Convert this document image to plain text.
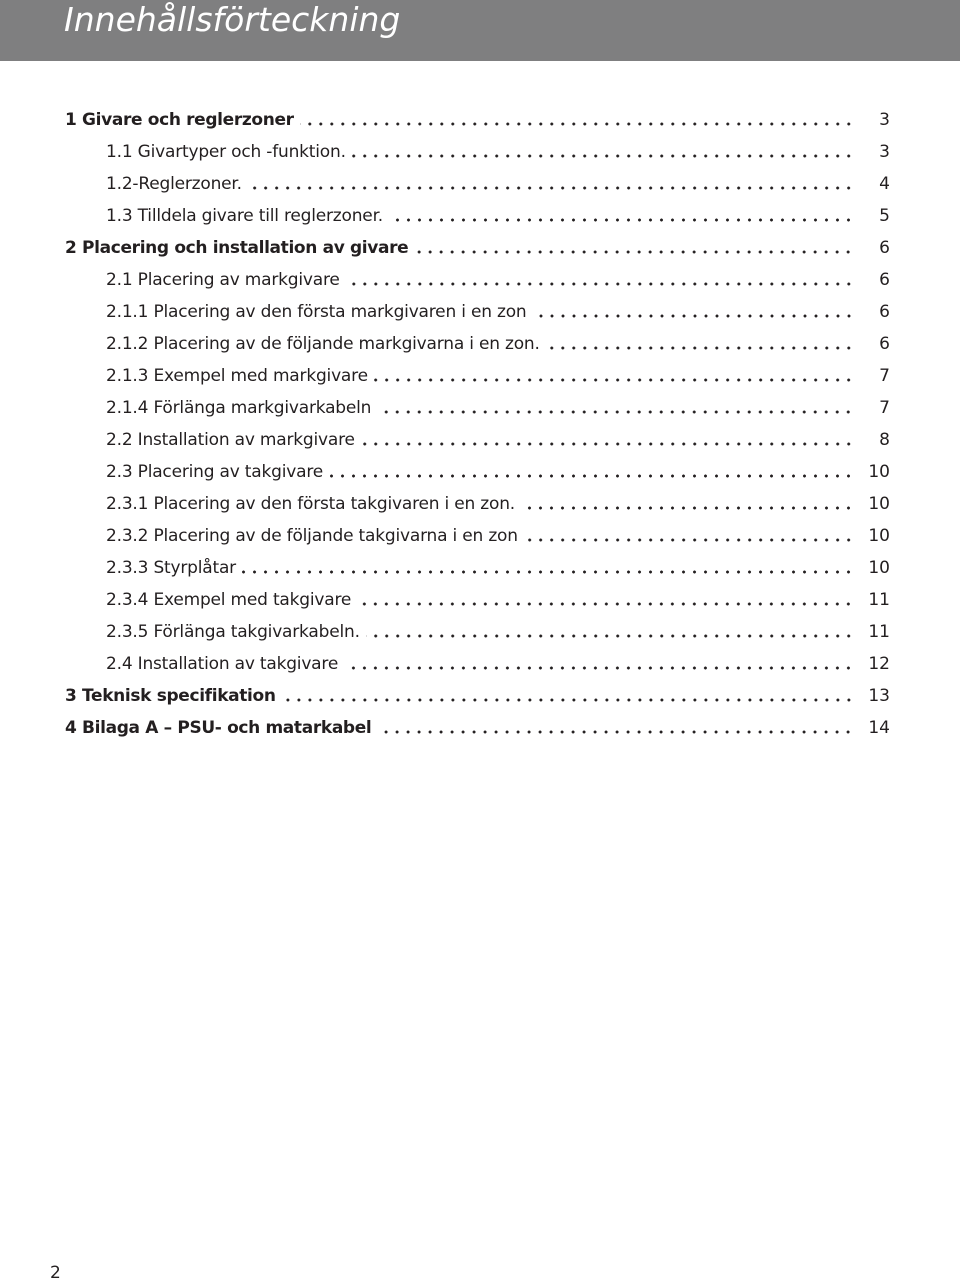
Innehållsförteckning
1 Givare och reglerzoner	3
1.1 Givartyper och -funktion.	3
1.2-Reglerzoner.	4
1.3 Tilldela givare till reglerzoner.	5
2 Placering och installation av givare	6
2.1 Placering av markgivare	6
2.1.1 Placering av den första markgivaren i en zon	6
2.1.2 Placering av de följande markgivarna i en zon.	6
2.1.3 Exempel med markgivare	7
2.1.4 Förlänga markgivarkabeln	7
2.2 Installation av markgivare	8
2.3 Placering av takgivare	10
2.3.1 Placering av den första takgivaren i en zon.	10
2.3.2 Placering av de följande takgivarna i en zon	10
2.3.3 Styrplåtar	10
2.3.4 Exempel med takgivare	11
2.3.5 Förlänga takgivarkabeln.	11
2.4 Installation av takgivare	12
3 Teknisk specifikation	13
4 Bilaga A – PSU- och matarkabel	14
2
